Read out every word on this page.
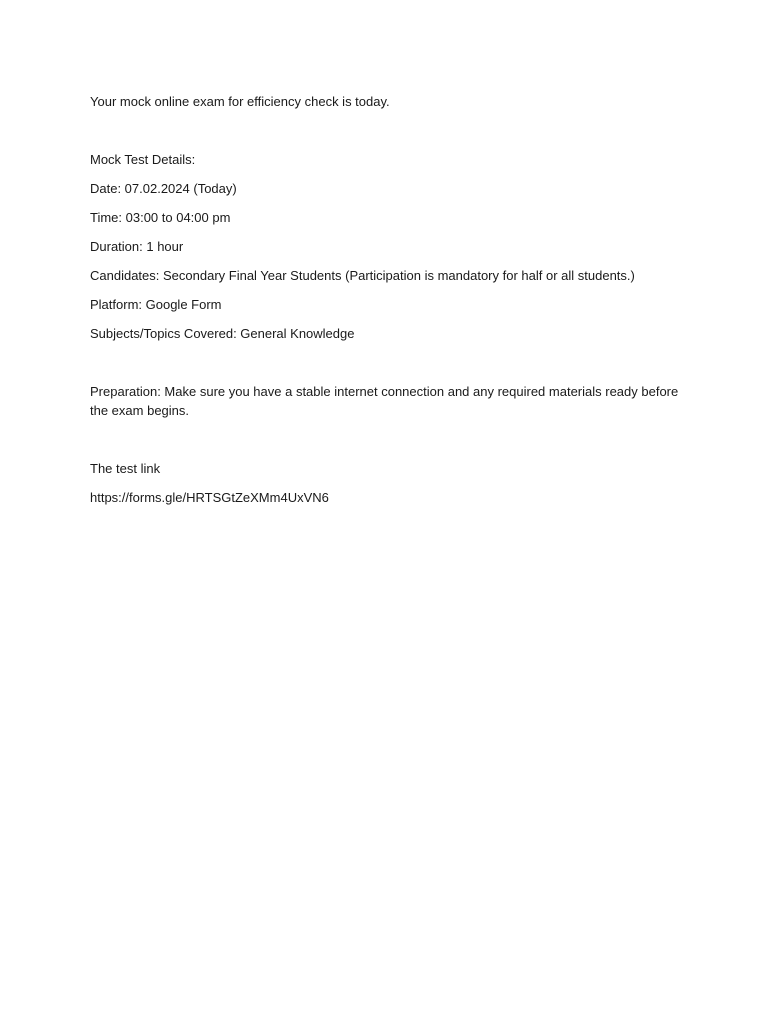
Your mock online exam for efficiency check is today.

Mock Test Details:

Date: 07.02.2024 (Today)

Time: 03:00 to 04:00 pm

Duration: 1 hour

Candidates: Secondary Final Year Students (Participation is mandatory for half or all students.)

Platform: Google Form

Subjects/Topics Covered: General Knowledge

Preparation: Make sure you have a stable internet connection and any required materials ready before the exam begins.

The test link

https://forms.gle/HRTSGtZeXMm4UxVN6
